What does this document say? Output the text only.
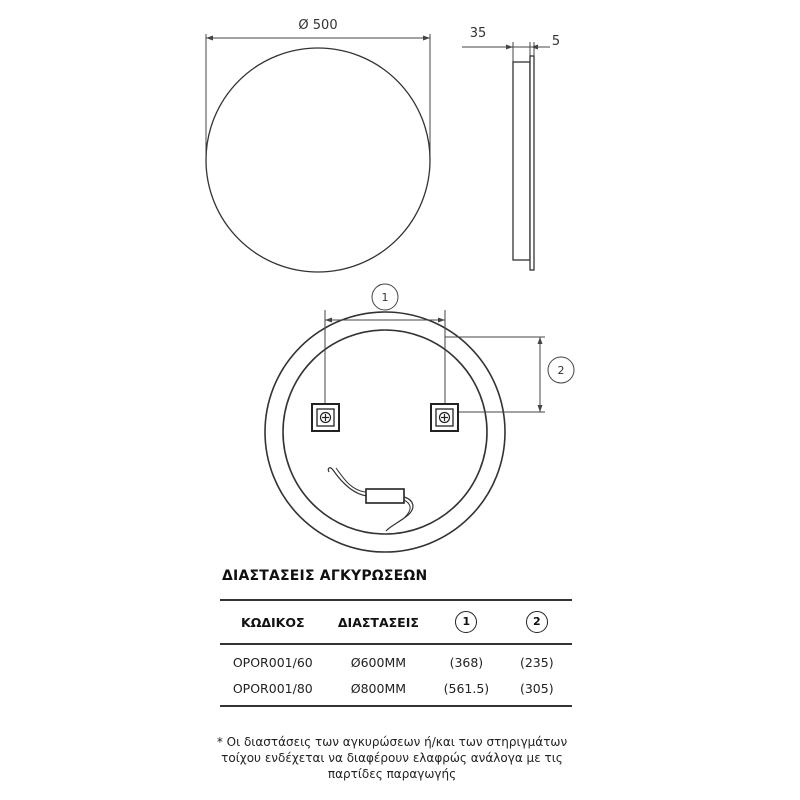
Ø 500
35
5
1
2
ΔΙΑΣΤΑΣΕΙΣ ΑΓΚΥΡΩΣΕΩΝ
ΚΩΔΙΚΟΣ	ΔΙΑΣΤΑΣΕΙΣ	1	2
OPOR001/60	Ø600MM	(368)	(235)
OPOR001/80	Ø800MM	(561.5)	(305)

* Οι διαστάσεις των αγκυρώσεων ή/και των στηριγμάτων τοίχου ενδέχεται να διαφέρουν ελαφρώς ανάλογα με τις παρτίδες παραγωγής
